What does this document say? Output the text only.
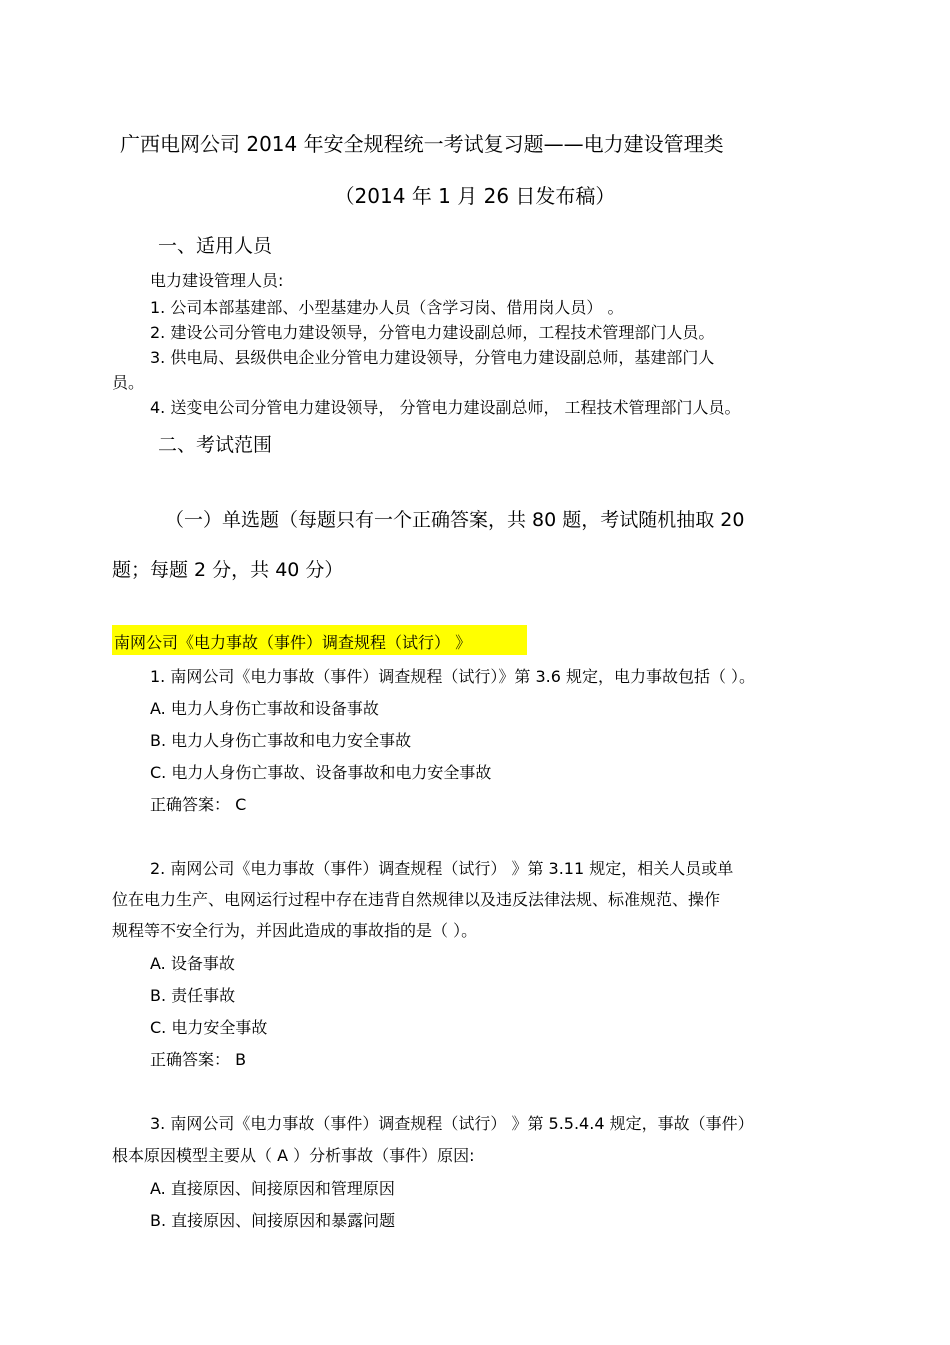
广西电网公司 2014 年安全规程统一考试复习题——电力建设管理类
（2014 年 1 月 26 日发布稿）
一、适用人员
电力建设管理人员:
1. 公司本部基建部、小型基建办人员（含学习岗、借用岗人员） 。
2. 建设公司分管电力建设领导，分管电力建设副总师，工程技术管理部门人员。
3. 供电局、县级供电企业分管电力建设领导，分管电力建设副总师，基建部门人
员。
4. 送变电公司分管电力建设领导， 分管电力建设副总师， 工程技术管理部门人员。
二、考试范围
（一）单选题（每题只有一个正确答案，共 80 题，考试随机抽取 20
题；每题 2 分，共 40 分）
南网公司《电力事故（事件）调查规程（试行） 》
1. 南网公司《电力事故（事件）调查规程（试行）》第 3.6 规定，电力事故包括（ ）。
A. 电力人身伤亡事故和设备事故
B. 电力人身伤亡事故和电力安全事故
C. 电力人身伤亡事故、设备事故和电力安全事故
正确答案： C
2. 南网公司《电力事故（事件）调查规程（试行） 》第 3.11 规定，相关人员或单
位在电力生产、电网运行过程中存在违背自然规律以及违反法律法规、标准规范、操作
规程等不安全行为，并因此造成的事故指的是（ ）。
A. 设备事故
B. 责任事故
C. 电力安全事故
正确答案： B
3. 南网公司《电力事故（事件）调查规程（试行） 》第 5.5.4.4 规定，事故（事件）
根本原因模型主要从（ A ）分析事故（事件）原因:
A. 直接原因、间接原因和管理原因
B. 直接原因、间接原因和暴露问题
